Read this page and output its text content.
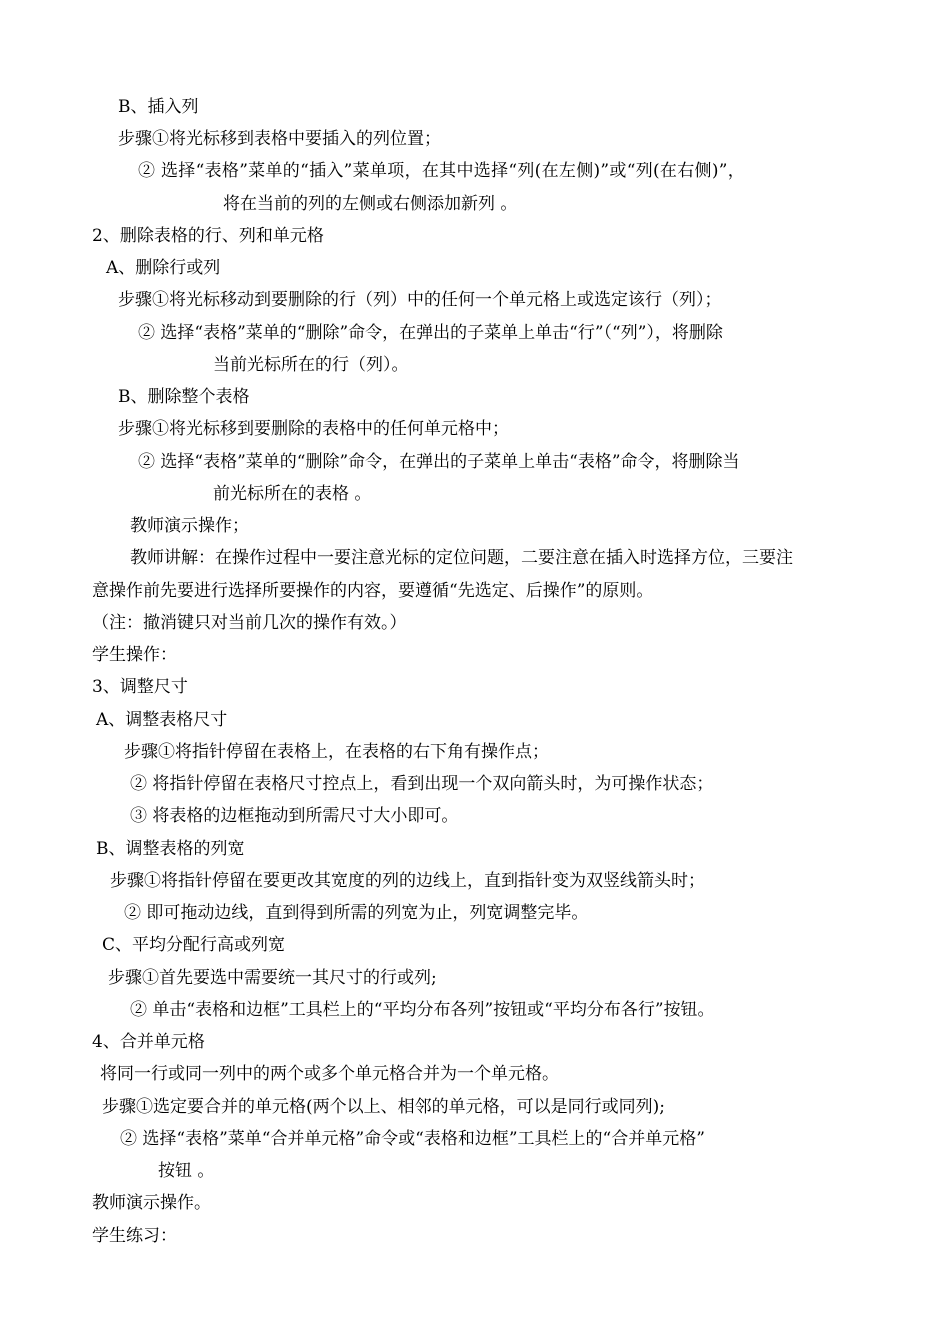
B、插入列
步骤①将光标移到表格中要插入的列位置；
② 选择“表格”菜单的“插入”菜单项，在其中选择“列(在左侧)”或“列(在右侧)”，
将在当前的列的左侧或右侧添加新列 。
2、删除表格的行、列和单元格
A、删除行或列
步骤①将光标移动到要删除的行（列）中的任何一个单元格上或选定该行（列）；
② 选择“表格”菜单的“删除”命令，在弹出的子菜单上单击“行”（“列”），将删除
当前光标所在的行（列）。
B、删除整个表格
步骤①将光标移到要删除的表格中的任何单元格中；
② 选择“表格”菜单的“删除”命令，在弹出的子菜单上单击“表格”命令，将删除当
前光标所在的表格 。
教师演示操作；
教师讲解：在操作过程中一要注意光标的定位问题，二要注意在插入时选择方位，三要注
意操作前先要进行选择所要操作的内容，要遵循“先选定、后操作”的原则。
（注：撤消键只对当前几次的操作有效。）
学生操作：
3、调整尺寸
A、调整表格尺寸
步骤①将指针停留在表格上，在表格的右下角有操作点；
② 将指针停留在表格尺寸控点上，看到出现一个双向箭头时，为可操作状态；
③ 将表格的边框拖动到所需尺寸大小即可。
B、调整表格的列宽
步骤①将指针停留在要更改其宽度的列的边线上，直到指针变为双竖线箭头时；
② 即可拖动边线，直到得到所需的列宽为止，列宽调整完毕。
C、平均分配行高或列宽
步骤①首先要选中需要统一其尺寸的行或列;
② 单击“表格和边框”工具栏上的“平均分布各列”按钮或“平均分布各行”按钮。
4、合并单元格
将同一行或同一列中的两个或多个单元格合并为一个单元格。
步骤①选定要合并的单元格(两个以上、相邻的单元格，可以是同行或同列);
② 选择“表格”菜单“合并单元格”命令或“表格和边框”工具栏上的“合并单元格”
按钮 。
教师演示操作。
学生练习：
